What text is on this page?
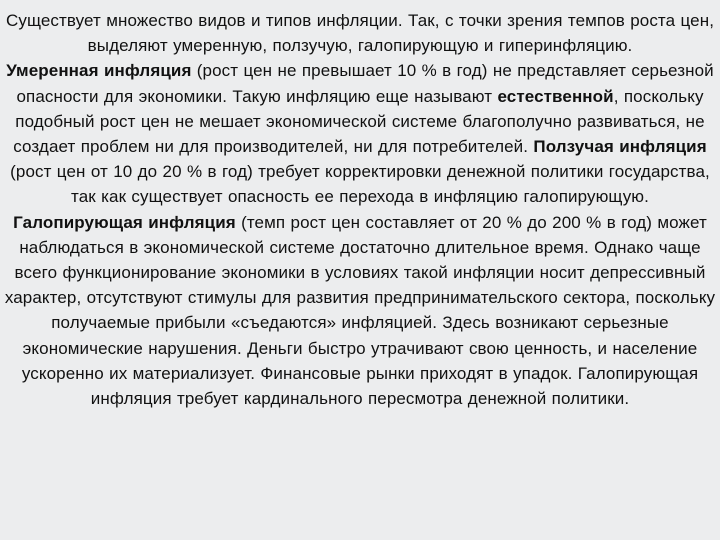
Существует множество видов и типов инфляции. Так, с точки зрения темпов роста цен, выделяют умеренную, ползучую, галопирующую и гиперинфляцию.

Умеренная инфляция (рост цен не превышает 10 % в год) не представляет серьезной опасности для экономики. Такую инфляцию еще называют естественной, поскольку подобный рост цен не мешает экономической системе благополучно развиваться, не создает проблем ни для производителей, ни для потребителей. Ползучая инфляция (рост цен от 10 до 20 % в год) требует корректировки денежной политики государства, так как существует опасность ее перехода в инфляцию галопирующую. Галопирующая инфляция (темп рост цен составляет от 20 % до 200 % в год) может наблюдаться в экономической системе достаточно длительное время. Однако чаще всего функционирование экономики в условиях такой инфляции носит депрессивный характер, отсутствуют стимулы для развития предпринимательского сектора, поскольку получаемые прибыли «съедаются» инфляцией. Здесь возникают серьезные экономические нарушения. Деньги быстро утрачивают свою ценность, и население ускоренно их материализует. Финансовые рынки приходят в упадок. Галопирующая инфляция требует кардинального пересмотра денежной политики.
